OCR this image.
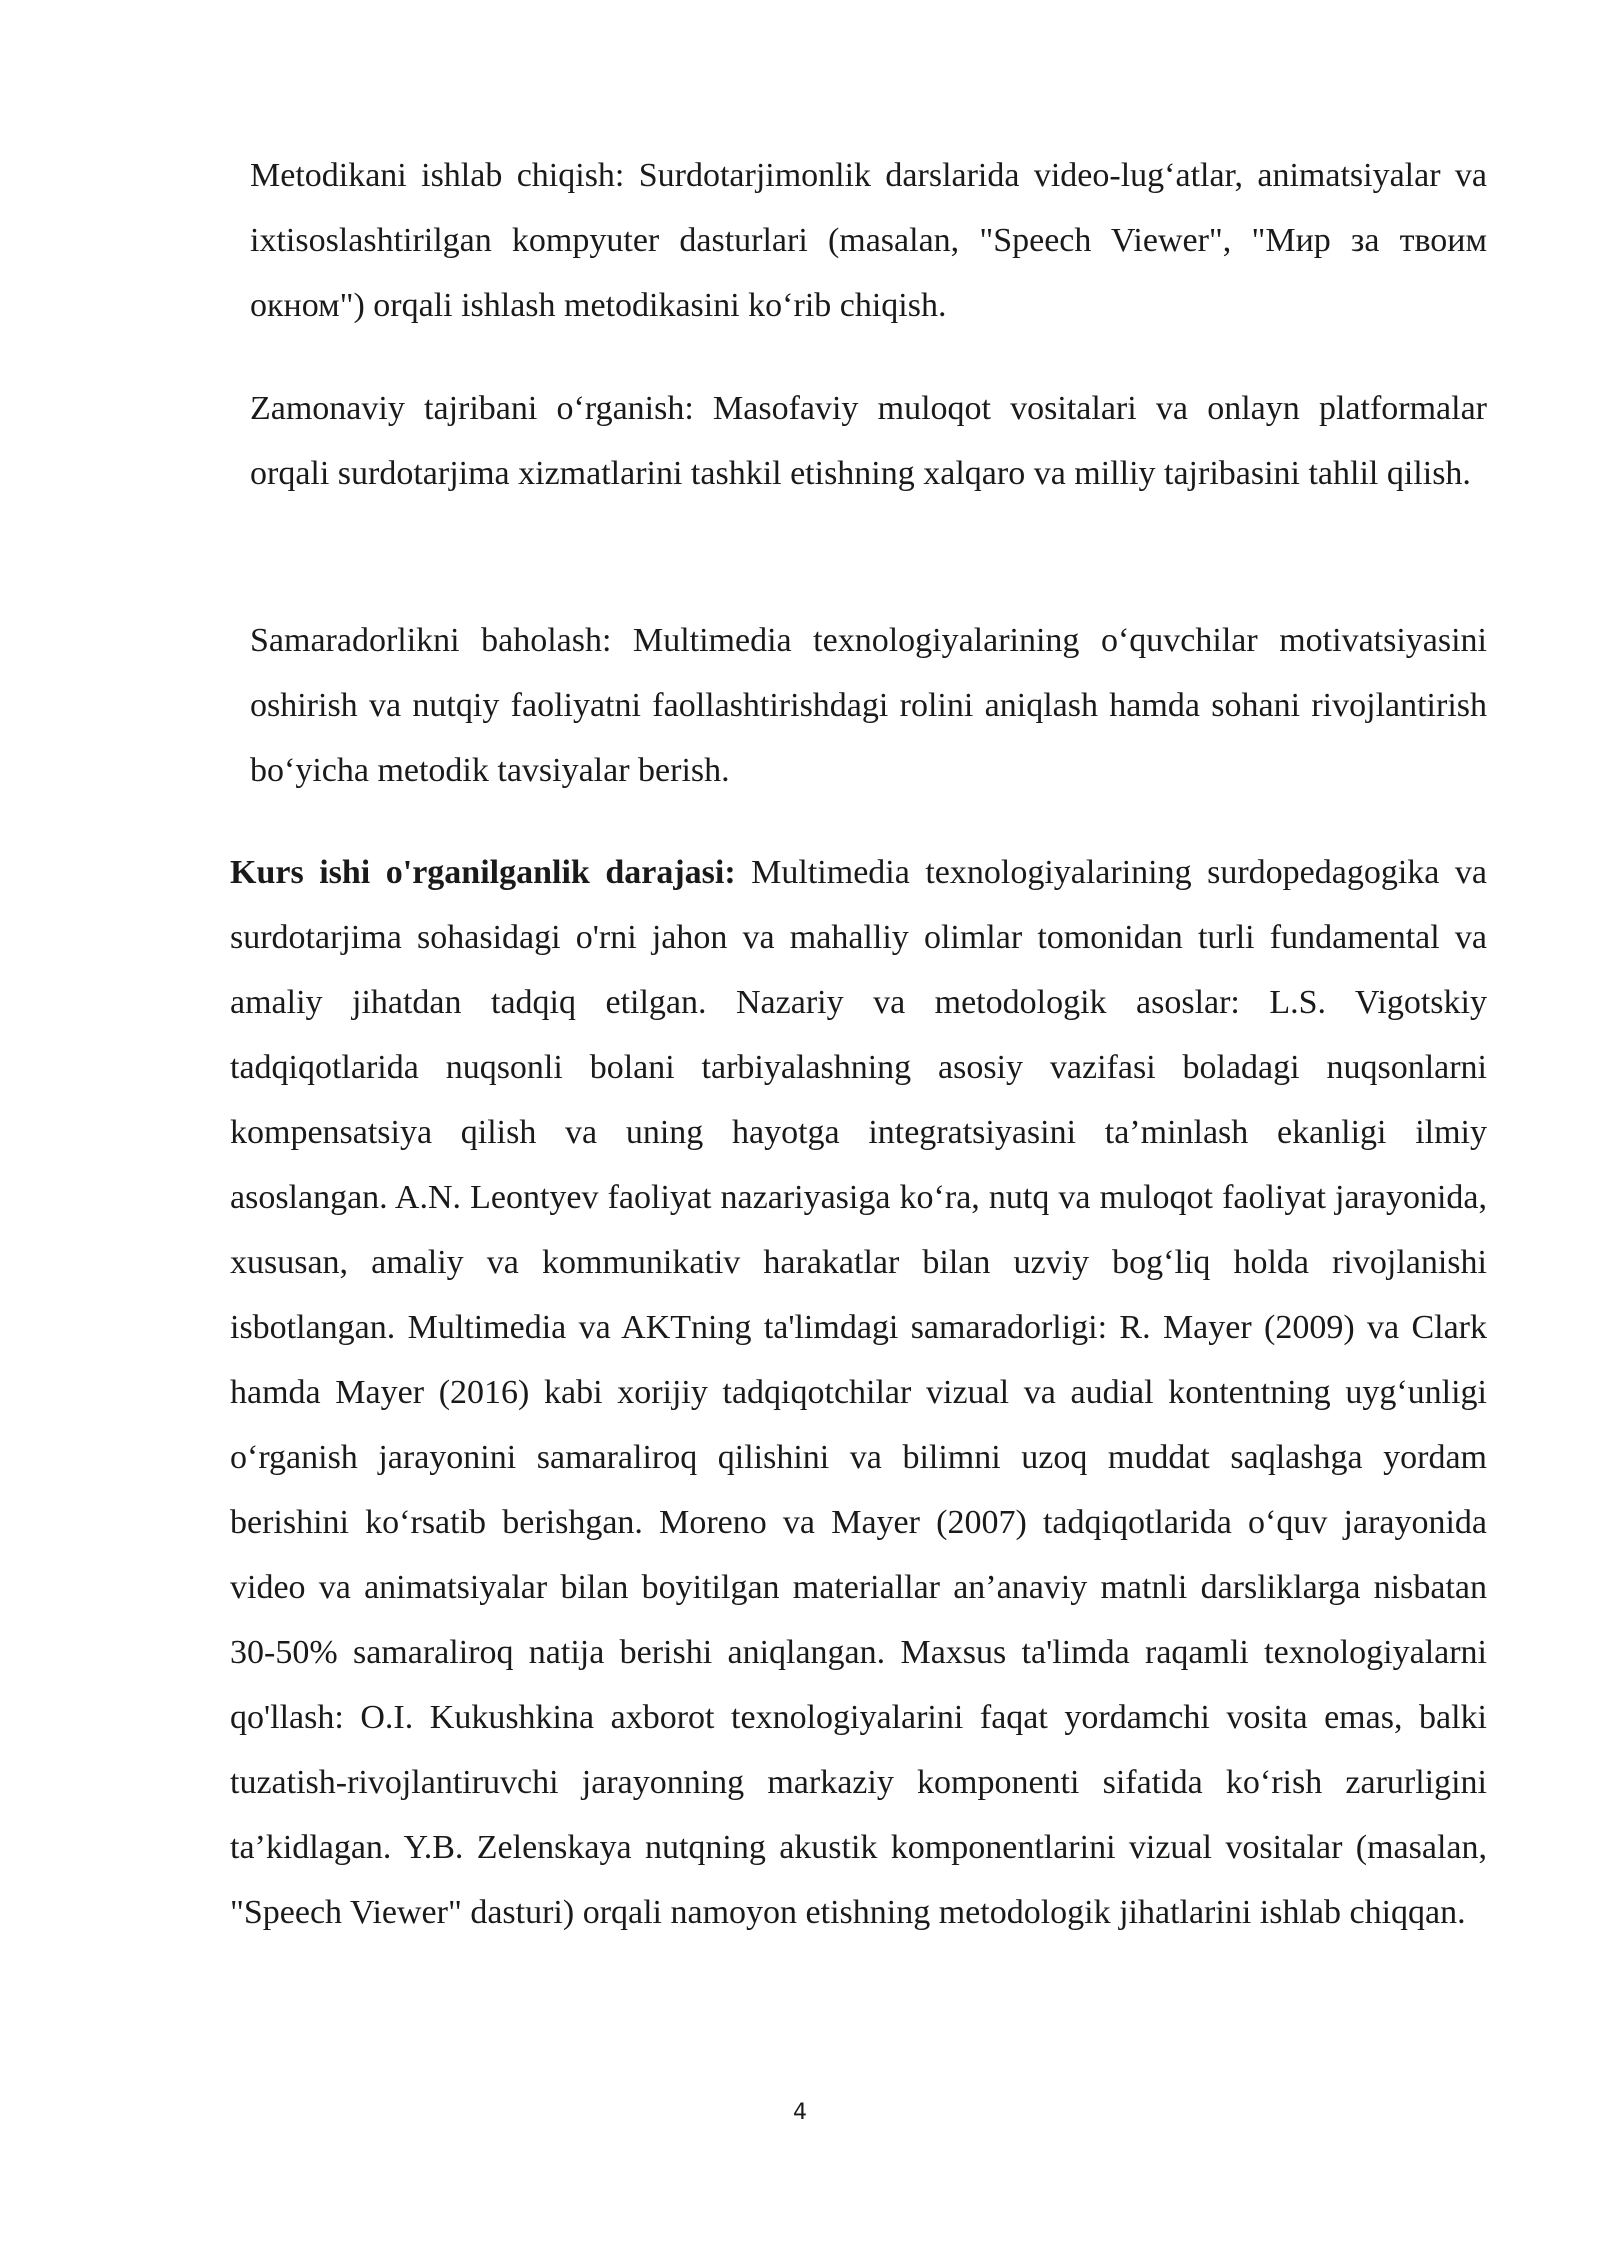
Metodikani ishlab chiqish: Surdotarjimonlik darslarida video-lug‘atlar, animatsiyalar va ixtisoslashtirilgan kompyuter dasturlari (masalan, "Speech Viewer", "Мир за твоим окном") orqali ishlash metodikasini ko‘rib chiqish.

Zamonaviy tajribani o‘rganish: Masofaviy muloqot vositalari va onlayn platformalar orqali surdotarjima xizmatlarini tashkil etishning xalqaro va milliy tajribasini tahlil qilish.

Samaradorlikni baholash: Multimedia texnologiyalarining o‘quvchilar motivatsiyasini oshirish va nutqiy faoliyatni faollashtirishdagi rolini aniqlash hamda sohani rivojlantirish bo‘yicha metodik tavsiyalar berish.

Kurs ishi o'rganilganlik darajasi: Multimedia texnologiyalarining surdopedagogika va surdotarjima sohasidagi o'rni jahon va mahalliy olimlar tomonidan turli fundamental va amaliy jihatdan tadqiq etilgan. Nazariy va metodologik asoslar: L.S. Vigotskiy tadqiqotlarida nuqsonli bolani tarbiyalashning asosiy vazifasi boladagi nuqsonlarni kompensatsiya qilish va uning hayotga integratsiyasini ta’minlash ekanligi ilmiy asoslangan. A.N. Leontyev faoliyat nazariyasiga ko‘ra, nutq va muloqot faoliyat jarayonida, xususan, amaliy va kommunikativ harakatlar bilan uzviy bog‘liq holda rivojlanishi isbotlangan. Multimedia va AKTning ta'limdagi samaradorligi: R. Mayer (2009) va Clark hamda Mayer (2016) kabi xorijiy tadqiqotchilar vizual va audial kontentning uyg‘unligi o‘rganish jarayonini samaraliroq qilishini va bilimni uzoq muddat saqlashga yordam berishini ko‘rsatib berishgan. Moreno va Mayer (2007) tadqiqotlarida o‘quv jarayonida video va animatsiyalar bilan boyitilgan materiallar an’anaviy matnli darsliklarga nisbatan 30-50% samaraliroq natija berishi aniqlangan. Maxsus ta'limda raqamli texnologiyalarni qo'llash: O.I. Kukushkina axborot texnologiyalarini faqat yordamchi vosita emas, balki tuzatish-rivojlantiruvchi jarayonning markaziy komponenti sifatida ko‘rish zarurligini ta’kidlagan. Y.B. Zelenskaya nutqning akustik komponentlarini vizual vositalar (masalan, "Speech Viewer" dasturi) orqali namoyon etishning metodologik jihatlarini ishlab chiqqan.

4
